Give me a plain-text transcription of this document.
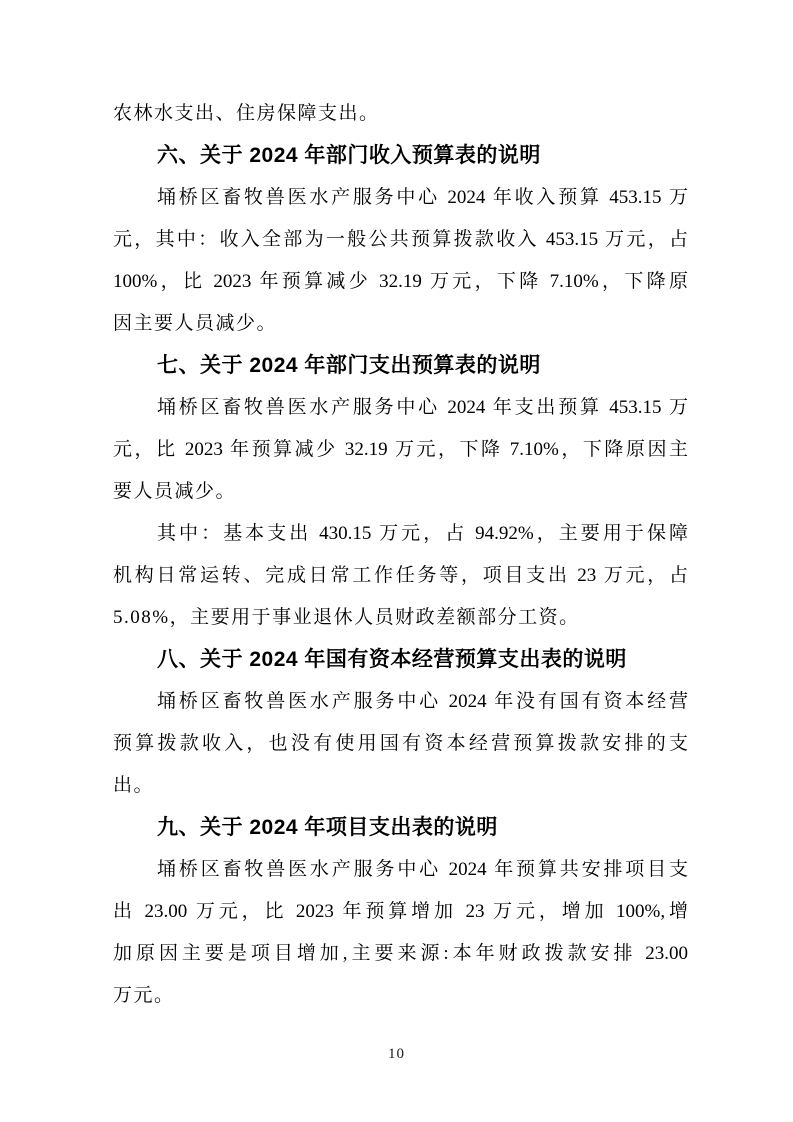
农林水支出、住房保障支出。
六、关于 2024 年部门收入预算表的说明
埇桥区畜牧兽医水产服务中心 2024 年收入预算 453.15 万
元，其中：收入全部为一般公共预算拨款收入 453.15 万元，占
100%，比 2023 年预算减少 32.19 万元，下降 7.10%，下降原
因主要人员减少。
七、关于 2024 年部门支出预算表的说明
埇桥区畜牧兽医水产服务中心 2024 年支出预算 453.15 万
元，比 2023 年预算减少 32.19 万元，下降 7.10%，下降原因主
要人员减少。
其中：基本支出 430.15 万元，占 94.92%，主要用于保障
机构日常运转、完成日常工作任务等，项目支出 23 万元，占
5.08%，主要用于事业退休人员财政差额部分工资。
八、关于 2024 年国有资本经营预算支出表的说明
埇桥区畜牧兽医水产服务中心 2024 年没有国有资本经营
预算拨款收入，也没有使用国有资本经营预算拨款安排的支
出。
九、关于 2024 年项目支出表的说明
埇桥区畜牧兽医水产服务中心 2024 年预算共安排项目支
出 23.00 万元，比 2023 年预算增加 23 万元，增加 100%,增
加原因主要是项目增加,主要来源:本年财政拨款安排 23.00
万元。
10
